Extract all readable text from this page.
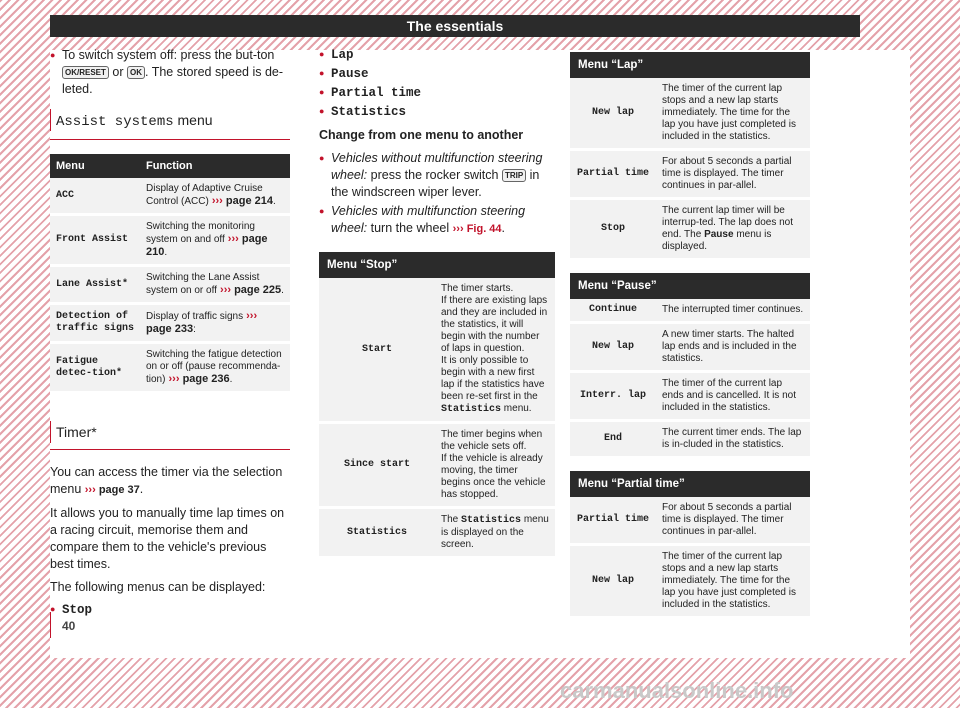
The essentials

● To switch system off: press the but-ton OK/RESET or OK . The stored speed is de-leted.

Assist systems menu
Menu	Function
ACC	Display of Adaptive Cruise Control (ACC) ››› page 214.
Front Assist	Switching the monitoring system on and off ››› page 210.
Lane Assist*	Switching the Lane Assist system on or off ››› page 225.
Detection of traffic signs	Display of traffic signs ››› page 233:
Fatigue detec-tion*	Switching the fatigue detection on or off (pause recommenda-tion) ››› page 236.
Timer*

You can access the timer via the selection menu ››› page 37.

It allows you to manually time lap times on a racing circuit, memorise them and compare them to the vehicle's previous best times.

The following menus can be displayed:

● Stop

● Lap

● Pause

● Partial time

● Statistics

Change from one menu to another

● Vehicles without multifunction steering wheel: press the rocker switch TRIP in the windscreen wiper lever.

● Vehicles with multifunction steering wheel: turn the wheel ››› Fig. 44.

Menu “Stop”	
Start	The timer starts.
If there are existing laps and they are included in the statistics, it will begin with the number of laps in question.
It is only possible to begin with a new first lap if the statistics have been re-set first in the Statistics menu.
Since start	The timer begins when the vehicle sets off.
If the vehicle is already moving, the timer begins once the vehicle has stopped.
Statistics	The Statistics menu is displayed on the screen.
Menu “Lap”	
New lap	The timer of the current lap stops and a new lap starts immediately. The time for the lap you have just completed is included in the statistics.
Partial time	For about 5 seconds a partial time is displayed. The timer continues in par-allel.
Stop	The current lap timer will be interrup-ted. The lap does not end. The Pause menu is displayed.
Menu “Pause”	
Continue	The interrupted timer continues.
New lap	A new timer starts. The halted lap ends and is included in the statistics.
Interr. lap	The timer of the current lap ends and is cancelled. It is not included in the statistics.
End	The current timer ends. The lap is in-cluded in the statistics.
Menu “Partial time”	
Partial time	For about 5 seconds a partial time is displayed. The timer continues in par-allel.
New lap	The timer of the current lap stops and a new lap starts immediately. The time for the lap you have just completed is included in the statistics.
40
carmanualsonline.info
